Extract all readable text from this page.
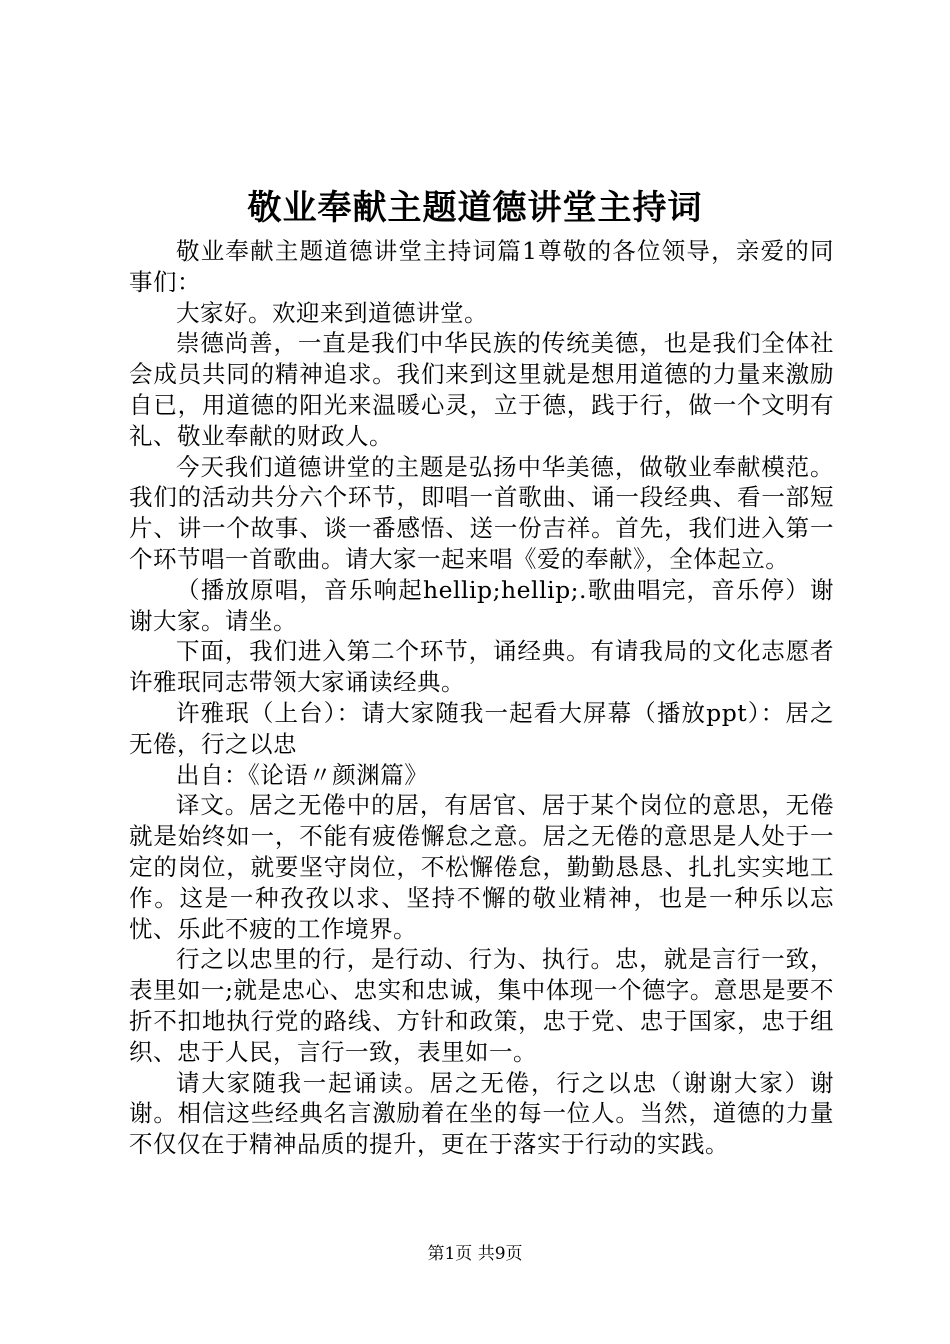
敬业奉献主题道德讲堂主持词

敬业奉献主题道德讲堂主持词篇1尊敬的各位领导，亲爱的同事们：

大家好。欢迎来到道德讲堂。

崇德尚善，一直是我们中华民族的传统美德，也是我们全体社会成员共同的精神追求。我们来到这里就是想用道德的力量来激励自已，用道德的阳光来温暖心灵，立于德，践于行，做一个文明有礼、敬业奉献的财政人。

今天我们道德讲堂的主题是弘扬中华美德，做敬业奉献模范。我们的活动共分六个环节，即唱一首歌曲、诵一段经典、看一部短片、讲一个故事、谈一番感悟、送一份吉祥。首先，我们进入第一个环节唱一首歌曲。请大家一起来唱《爱的奉献》，全体起立。

（播放原唱，音乐响起hellip;hellip;.歌曲唱完，音乐停）谢谢大家。请坐。

下面，我们进入第二个环节，诵经典。有请我局的文化志愿者许雅珉同志带领大家诵读经典。

许雅珉（上台）：请大家随我一起看大屏幕（播放ppt）：居之无倦，行之以忠

出自：《论语〃颜渊篇》

译文。居之无倦中的居，有居官、居于某个岗位的意思，无倦就是始终如一，不能有疲倦懈怠之意。居之无倦的意思是人处于一定的岗位，就要坚守岗位，不松懈倦怠，勤勤恳恳、扎扎实实地工作。这是一种孜孜以求、坚持不懈的敬业精神，也是一种乐以忘忧、乐此不疲的工作境界。

行之以忠里的行，是行动、行为、执行。忠，就是言行一致，表里如一;就是忠心、忠实和忠诚，集中体现一个德字。意思是要不折不扣地执行党的路线、方针和政策，忠于党、忠于国家，忠于组织、忠于人民，言行一致，表里如一。

请大家随我一起诵读。居之无倦，行之以忠（谢谢大家）谢谢。相信这些经典名言激励着在坐的每一位人。当然，道德的力量不仅仅在于精神品质的提升，更在于落实于行动的实践。

第1页 共9页
